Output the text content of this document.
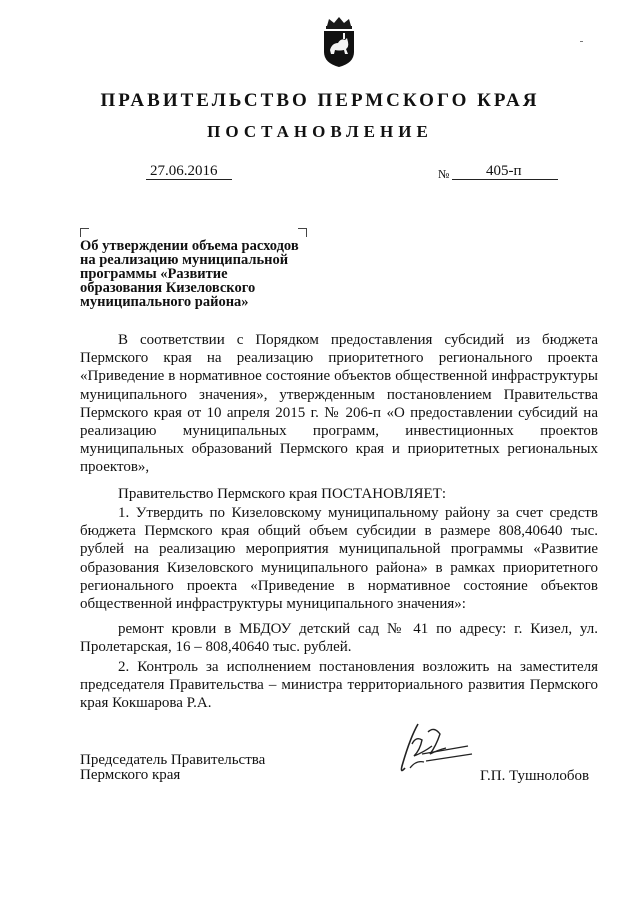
ПРАВИТЕЛЬСТВО ПЕРМСКОГО КРАЯ
ПОСТАНОВЛЕНИЕ
27.06.2016	№ 405-п
Об утверждении объема расходов
на реализацию муниципальной
программы «Развитие
образования Кизеловского
муниципального района»

В соответствии с Порядком предоставления субсидий из бюджета Пермского края на реализацию приоритетного регионального проекта «Приведение в нормативное состояние объектов общественной инфраструктуры муниципального значения», утвержденным постановлением Правительства Пермского края от 10 апреля 2015 г. № 206-п «О предоставлении субсидий на реализацию муниципальных программ, инвестиционных проектов муниципальных образований Пермского края и приоритетных региональных проектов»,

Правительство Пермского края ПОСТАНОВЛЯЕТ:

1. Утвердить по Кизеловскому муниципальному району за счет средств бюджета Пермского края общий объем субсидии в размере 808,40640 тыс. рублей на реализацию мероприятия муниципальной программы «Развитие образования Кизеловского муниципального района» в рамках приоритетного регионального проекта «Приведение в нормативное состояние объектов общественной инфраструктуры муниципального значения»:

ремонт кровли в МБДОУ детский сад № 41 по адресу: г. Кизел, ул. Пролетарская, 16 – 808,40640 тыс. рублей.

2. Контроль за исполнением постановления возложить на заместителя председателя Правительства – министра территориального развития Пермского края Кокшарова Р.А.

Председатель Правительства
Пермского края	Г.П. Тушнолобов
